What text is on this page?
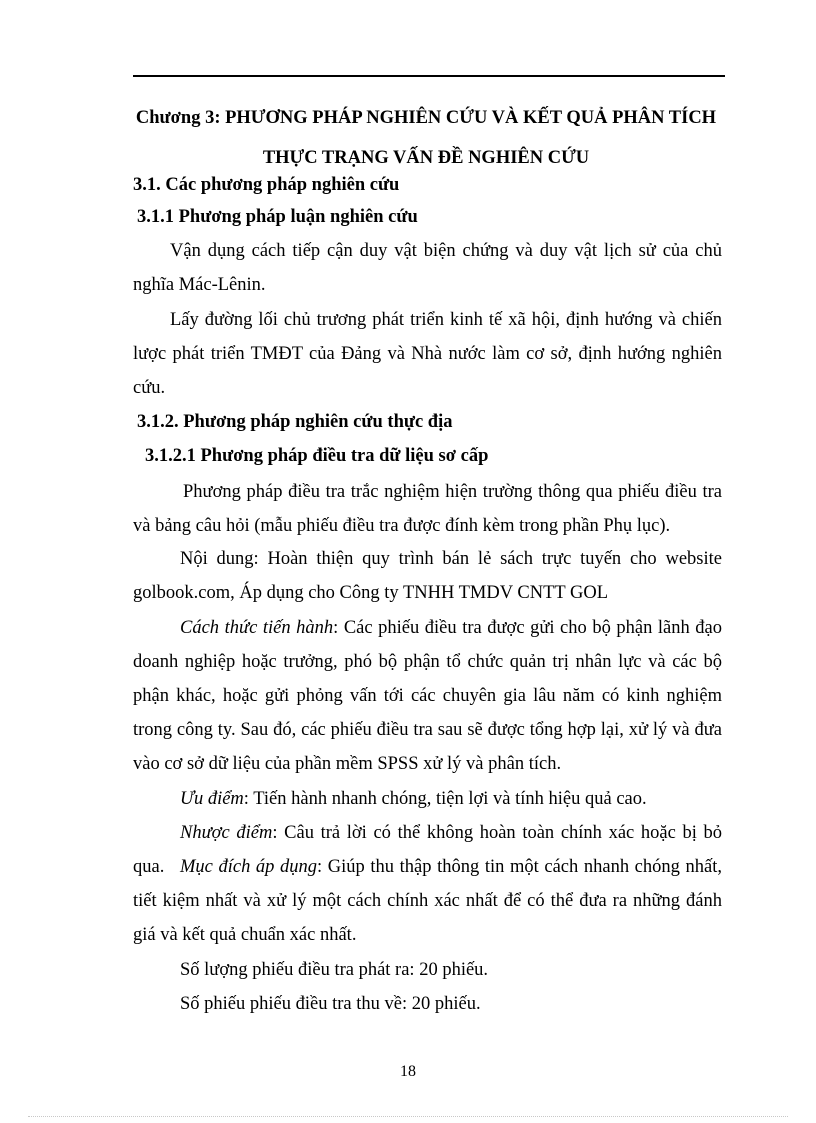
Chương 3: PHƯƠNG PHÁP NGHIÊN CỨU VÀ KẾT QUẢ PHÂN TÍCH
THỰC TRẠNG VẤN ĐỀ NGHIÊN CỨU
3.1. Các phương pháp nghiên cứu
3.1.1 Phương pháp luận nghiên cứu

Vận dụng cách tiếp cận duy vật biện chứng và duy vật lịch sử của chủ nghĩa Mác-Lênin.

Lấy đường lối chủ trương phát triển kinh tế xã hội, định hướng và chiến lược phát triển TMĐT của Đảng và Nhà nước làm cơ sở, định hướng nghiên cứu.

3.1.2. Phương pháp nghiên cứu thực địa
3.1.2.1 Phương pháp điều tra dữ liệu sơ cấp

Phương pháp điều tra trắc nghiệm hiện trường thông qua phiếu điều tra và bảng câu hỏi (mẫu phiếu điều tra được đính kèm trong phần Phụ lục).

Nội dung: Hoàn thiện quy trình bán lẻ sách trực tuyến cho website golbook.com, Áp dụng cho Công ty TNHH TMDV CNTT GOL

Cách thức tiến hành: Các phiếu điều tra được gửi cho bộ phận lãnh đạo doanh nghiệp hoặc trưởng, phó bộ phận tổ chức quản trị nhân lực và các bộ phận khác, hoặc gửi phỏng vấn tới các chuyên gia lâu năm có kinh nghiệm trong công ty. Sau đó, các phiếu điều tra sau sẽ được tổng hợp lại, xử lý và đưa vào cơ sở dữ liệu của phần mềm SPSS xử lý và phân tích.

Ưu điểm: Tiến hành nhanh chóng, tiện lợi và tính hiệu quả cao.

Nhược điểm: Câu trả lời có thể không hoàn toàn chính xác hoặc bị bỏ qua. Mục đích áp dụng: Giúp thu thập thông tin một cách nhanh chóng nhất, tiết kiệm nhất và xử lý một cách chính xác nhất để có thể đưa ra những đánh giá và kết quả chuẩn xác nhất.

Số lượng phiếu điều tra phát ra: 20 phiếu.

Số phiếu phiếu điều tra thu về: 20 phiếu.

18
